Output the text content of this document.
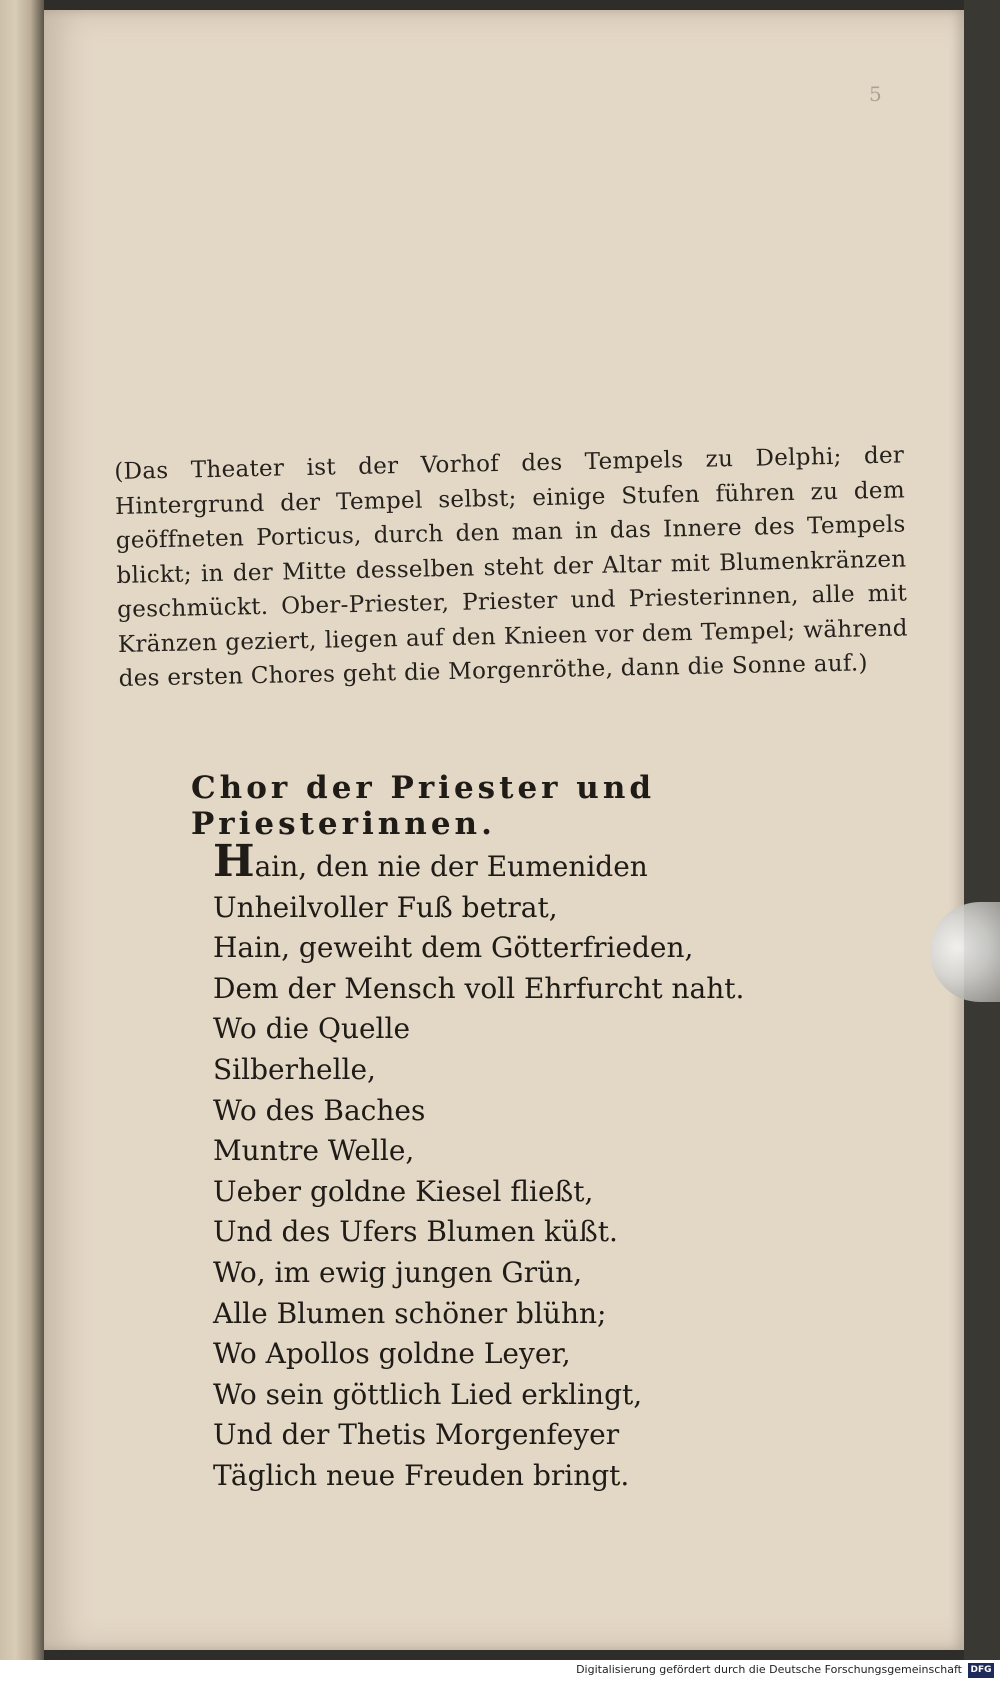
5
(Das Theater ist der Vorhof des Tempels zu Delphi; der Hintergrund der Tempel selbst; einige Stufen führen zu dem geöffneten Porticus, durch den man in das Innere des Tempels blickt; in der Mitte desselben steht der Altar mit Blumenkränzen geschmückt. Ober-Priester, Priester und Priesterinnen, alle mit Kränzen geziert, liegen auf den Knieen vor dem Tempel; während des ersten Chores geht die Morgenröthe, dann die Sonne auf.)
Chor der Priester und Priesterinnen.
Hain, den nie der Eumeniden
Unheilvoller Fuß betrat,
Hain, geweiht dem Götterfrieden,
Dem der Mensch voll Ehrfurcht naht.
Wo die Quelle
Silberhelle,
Wo des Baches
Muntre Welle,
Ueber goldne Kiesel fließt,
Und des Ufers Blumen küßt.
Wo, im ewig jungen Grün,
Alle Blumen schöner blühn;
Wo Apollos goldne Leyer,
Wo sein göttlich Lied erklingt,
Und der Thetis Morgenfeyer
Täglich neue Freuden bringt.
Digitalisierung gefördert durch die Deutsche Forschungsgemeinschaft DFG
